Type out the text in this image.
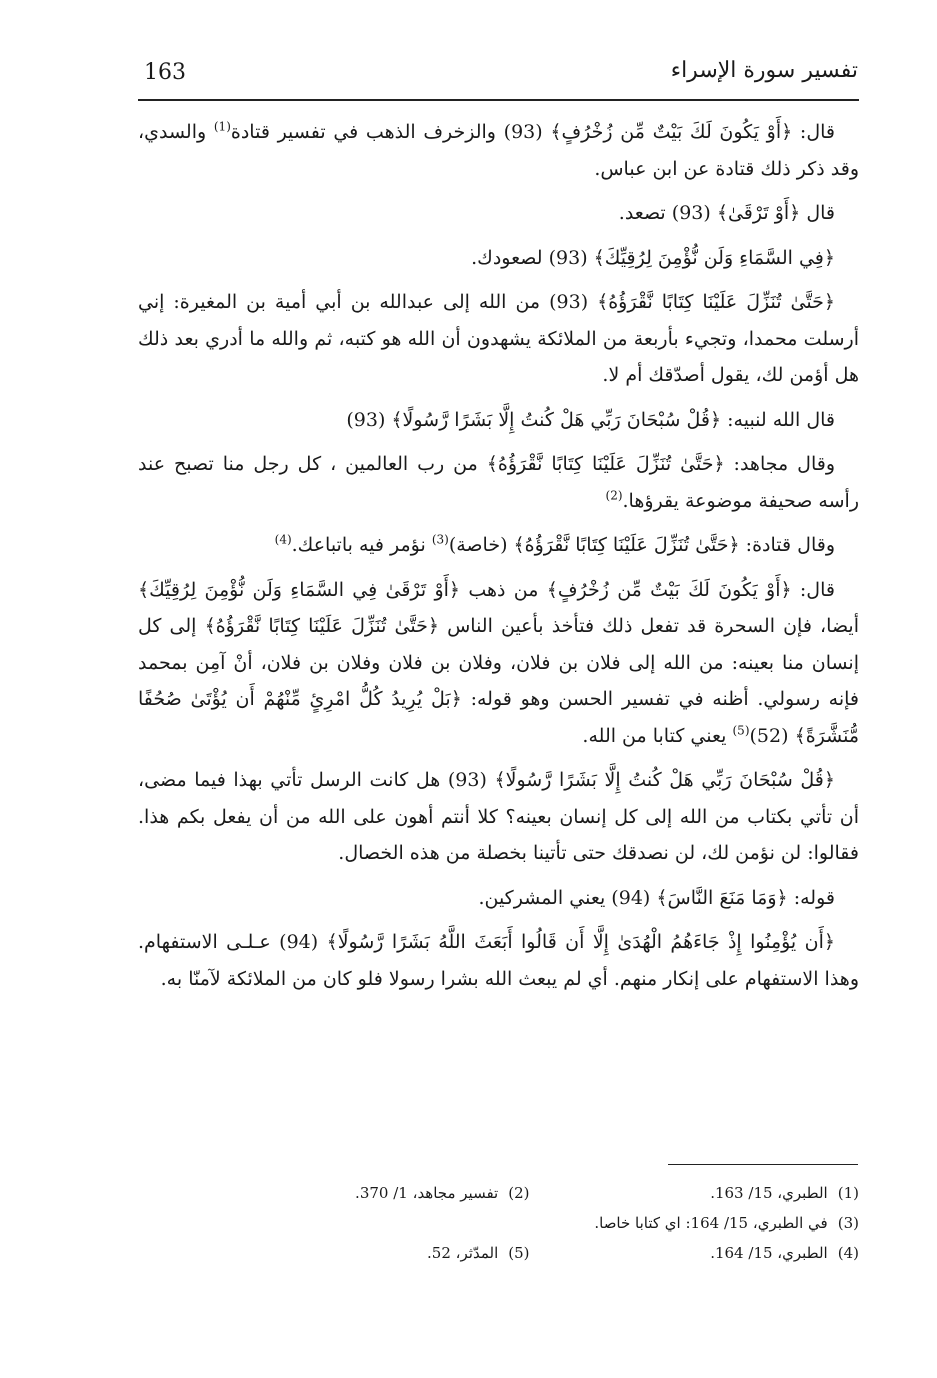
163	تفسير سورة الإسراء

قال: ﴿أَوْ يَكُونَ لَكَ بَيْتٌ مِّن زُخْرُفٍ﴾ (93) والزخرف الذهب في تفسير قتادة$^{(1)}$ والسدي، وقد ذكر ذلك قتادة عن ابن عباس.

قال ﴿أَوْ تَرْقَىٰ﴾ (93) تصعد.

﴿فِي السَّمَاءِ وَلَن نُّؤْمِنَ لِرُقِيِّكَ﴾ (93) لصعودك.

﴿حَتَّىٰ تُنَزِّلَ عَلَيْنَا كِتَابًا نَّقْرَؤُهُ﴾ (93) من الله إلى عبدالله بن أبي أمية بن المغيرة: إني أرسلت محمدا، وتجيء بأربعة من الملائكة يشهدون أن الله هو كتبه، ثم والله ما أدري بعد ذلك هل أؤمن لك، يقول أصدّقك أم لا.

قال الله لنبيه: ﴿قُلْ سُبْحَانَ رَبِّي هَلْ كُنتُ إِلَّا بَشَرًا رَّسُولًا﴾ (93)

وقال مجاهد: ﴿حَتَّىٰ تُنَزِّلَ عَلَيْنَا كِتَابًا نَّقْرَؤُهُ﴾ من رب العالمين ، كل رجل منا تصبح عند رأسه صحيفة موضوعة يقرؤها.$^{(2)}$

وقال قتادة: ﴿حَتَّىٰ تُنَزِّلَ عَلَيْنَا كِتَابًا نَّقْرَؤُهُ﴾ (خاصة)$^{(3)}$ نؤمر فيه باتباعك.$^{(4)}$

قال: ﴿أَوْ يَكُونَ لَكَ بَيْتٌ مِّن زُخْرُفٍ﴾ من ذهب ﴿أَوْ تَرْقَىٰ فِي السَّمَاءِ وَلَن نُّؤْمِنَ لِرُقِيِّكَ﴾ أيضا، فإن السحرة قد تفعل ذلك فتأخذ بأعين الناس ﴿حَتَّىٰ تُنَزِّلَ عَلَيْنَا كِتَابًا نَّقْرَؤُهُ﴾ إلى كل إنسان منا بعينه: من الله إلى فلان بن فلان، وفلان بن فلان وفلان بن فلان، أنْ آمِن بمحمد فإنه رسولي. أظنه في تفسير الحسن وهو قوله: ﴿بَلْ يُرِيدُ كُلُّ امْرِئٍ مِّنْهُمْ أَن يُؤْتَىٰ صُحُفًا مُّنَشَّرَةً﴾ $(52)^{(5)}$ يعني كتابا من الله.

﴿قُلْ سُبْحَانَ رَبِّي هَلْ كُنتُ إِلَّا بَشَرًا رَّسُولًا﴾ (93) هل كانت الرسل تأتي بهذا فيما مضى، أن تأتي بكتاب من الله إلى كل إنسان بعينه؟ كلا أنتم أهون على الله من أن يفعل بكم هذا. فقالوا: لن نؤمن لك، لن نصدقك حتى تأتينا بخصلة من هذه الخصال.

قوله: ﴿وَمَا مَنَعَ النَّاسَ﴾ (94) يعني المشركين.

﴿أَن يُؤْمِنُوا إِذْ جَاءَهُمُ الْهُدَىٰ إِلَّا أَن قَالُوا أَبَعَثَ اللَّهُ بَشَرًا رَّسُولًا﴾ (94) عـلـى الاستفهام. وهذا الاستفهام على إنكار منهم. أي لم يبعث الله بشرا رسولا فلو كان من الملائكة لآمنّا به.

(1)الطبري، 15/ 163.
(2)تفسير مجاهد، 1/ 370.
(3)في الطبري، 15/ 164: اي كتابا خاصا.
(4)الطبري، 15/ 164.
(5)المدّثر، 52.
